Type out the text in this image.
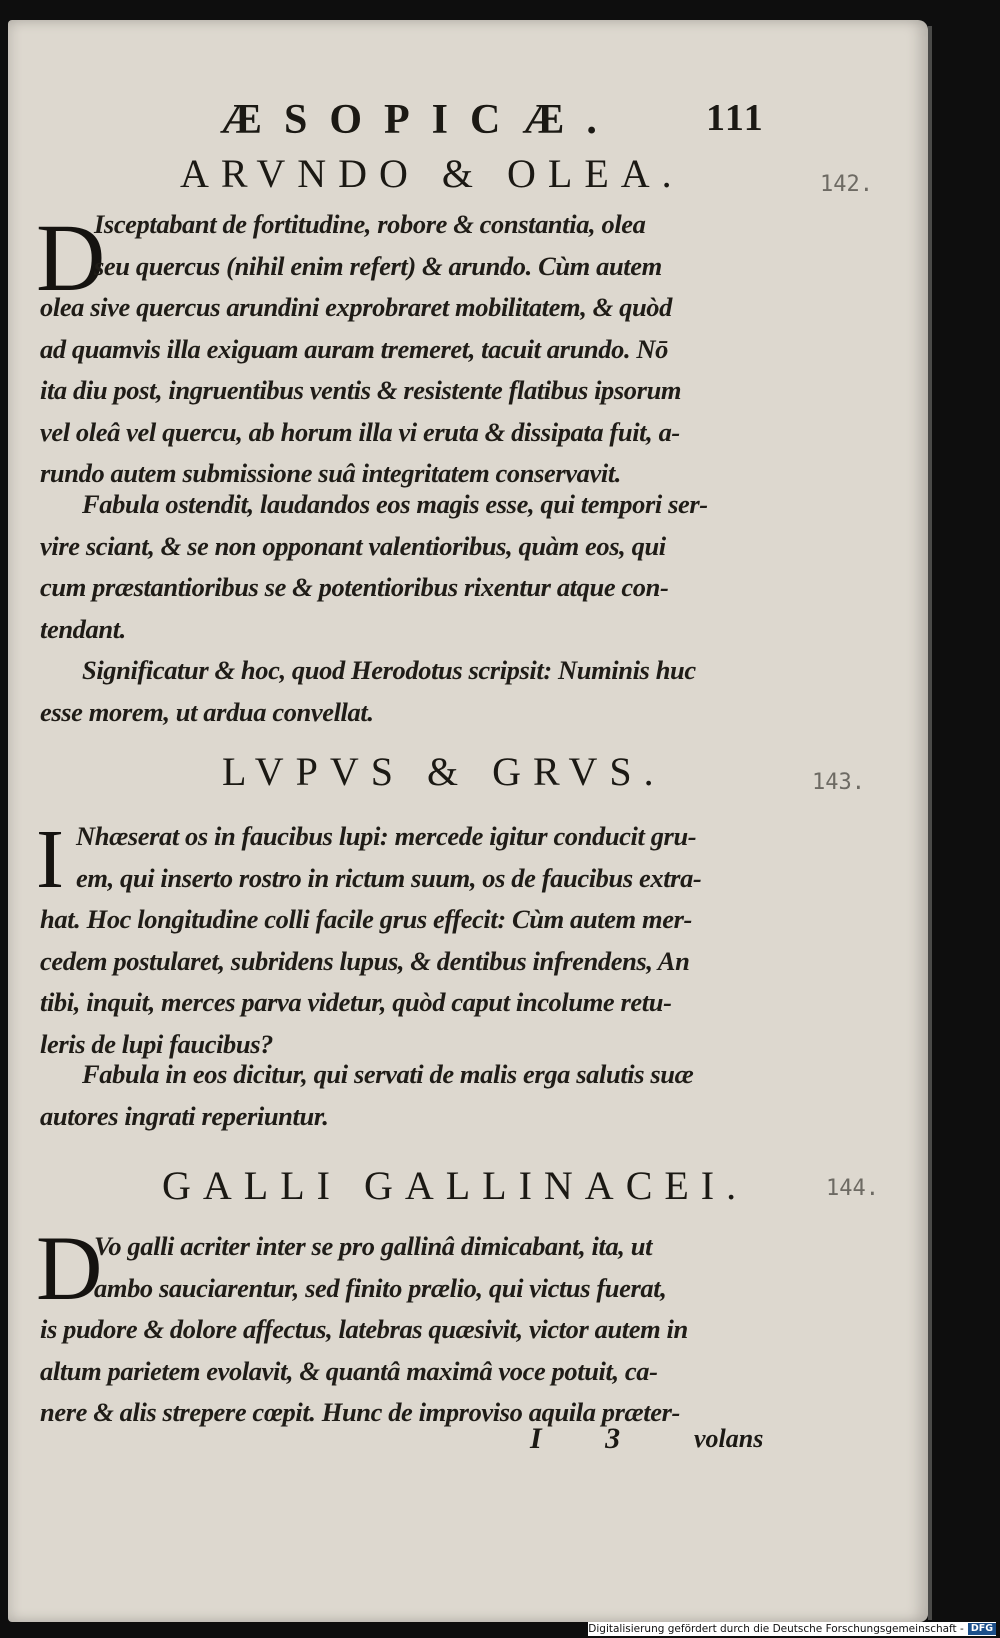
ÆSOPICÆ. 111
ARVNDO & OLEA.	142.
D
Isceptabant de fortitudine, robore & constantia, olea
seu quercus (nihil enim refert) & arundo. Cùm autem
olea sive quercus arundini exprobraret mobilitatem, & quòd
ad quamvis illa exiguam auram tremeret, tacuit arundo. Nō
ita diu post, ingruentibus ventis & resistente flatibus ipsorum
vel oleâ vel quercu, ab horum illa vi eruta & dissipata fuit, a-
rundo autem submissione suâ integritatem conservavit.
Fabula ostendit, laudandos eos magis esse, qui tempori ser-
vire sciant, & se non opponant valentioribus, quàm eos, qui
cum præstantioribus se & potentioribus rixentur atque con-
tendant.
Significatur & hoc, quod Herodotus scripsit: Numinis huc
esse morem, ut ardua convellat.
LVPVS & GRVS.	143.
I Nhæserat os in faucibus lupi: mercede igitur conducit gru-
em, qui inserto rostro in rictum suum, os de faucibus extra-
hat. Hoc longitudine colli facile grus effecit: Cùm autem mer-
cedem postularet, subridens lupus, & dentibus infrendens, An
tibi, inquit, merces parva videtur, quòd caput incolume retu-
leris de lupi faucibus?
Fabula in eos dicitur, qui servati de malis erga salutis suæ
autores ingrati reperiuntur.
GALLI GALLINACEI.	144.
D
Vo galli acriter inter se pro gallinâ dimicabant, ita, ut
ambo sauciarentur, sed finito prælio, qui victus fuerat,
is pudore & dolore affectus, latebras quæsivit, victor autem in
altum parietem evolavit, & quantâ maximâ voce potuit, ca-
nere & alis strepere cœpit. Hunc de improviso aquila præter-
I 3 volans
Digitalisierung gefördert durch die Deutsche Forschungsgemeinschaft - DFG
